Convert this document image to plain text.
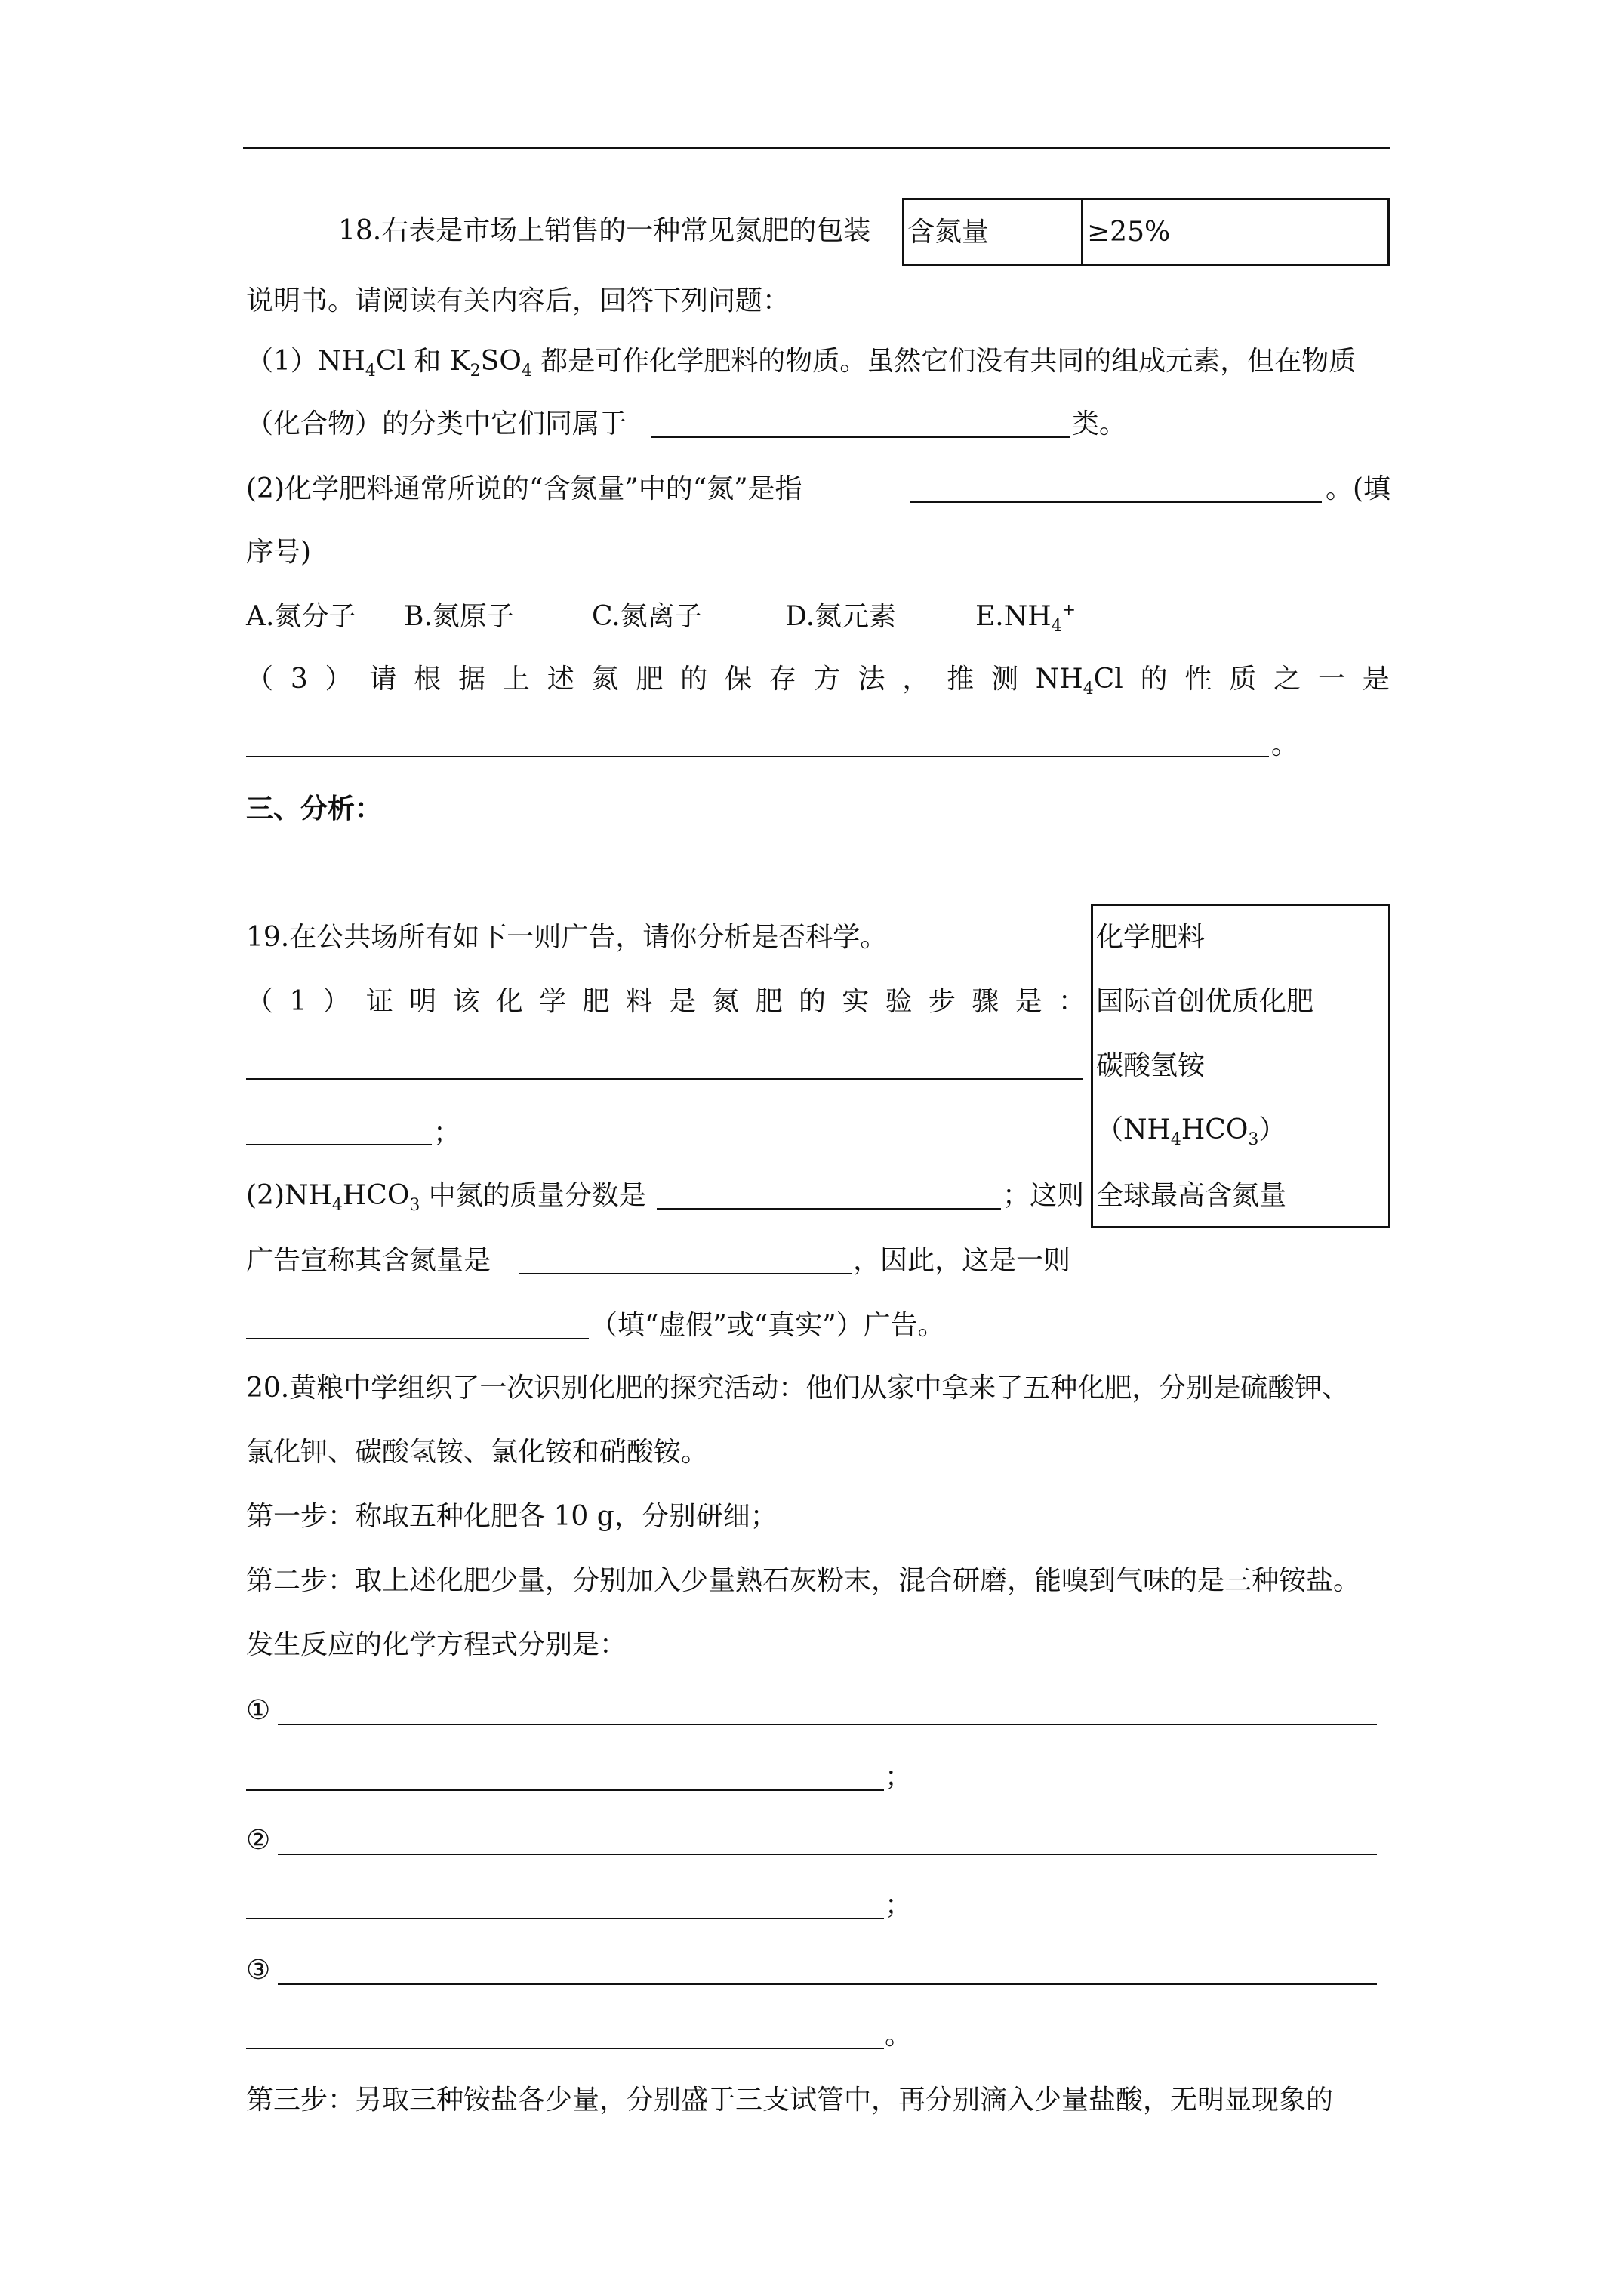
18.右表是市场上销售的一种常见氮肥的包装 含氮量	≥25%
说明书。请阅读有关内容后，回答下列问题：
$(1)NH_4Cl$ 和 $K_2SO_4$ 都是可作化学肥料的物质。虽然它们没有共同的组成元素，但在物质
（化合物）的分类中它们同属于	类。
(2)化学肥料通常所说的“含氮量”中的“氮”是指	。(填
序号)
A.氮分子 B.氮原子	C.氮离子	D.氮元素	$E.NH_4^+$
（ 3 ） 请 根 据 上 述 氮 肥 的 保 存 方 法 ， 推 测 $NH_4Cl$ 的 性 质 之 一 是
。
三、分析：
19.在公共场所有如下一则广告，请你分析是否科学。	化学肥料
国际首创优质化肥
碳酸氢铵
$(NH_4HCO_3)$
全球最高含氮量
（ 1 ） 证 明 该 化 学 肥 料 是 氮 肥 的 实 验 步 骤 是 ：
；
$(2)NH_4HCO_3$ 中氮的质量分数是	；这则
广告宣称其含氮量是	，因此，这是一则
（填“虚假”或“真实”）广告。
20.黄粮中学组织了一次识别化肥的探究活动：他们从家中拿来了五种化肥，分别是硫酸钾、
氯化钾、碳酸氢铵、氯化铵和硝酸铵。
第一步：称取五种化肥各 10 g，分别研细；
第二步：取上述化肥少量，分别加入少量熟石灰粉末，混合研磨，能嗅到气味的是三种铵盐。
发生反应的化学方程式分别是：
①
；
②
；
③
。
第三步：另取三种铵盐各少量，分别盛于三支试管中，再分别滴入少量盐酸，无明显现象的
